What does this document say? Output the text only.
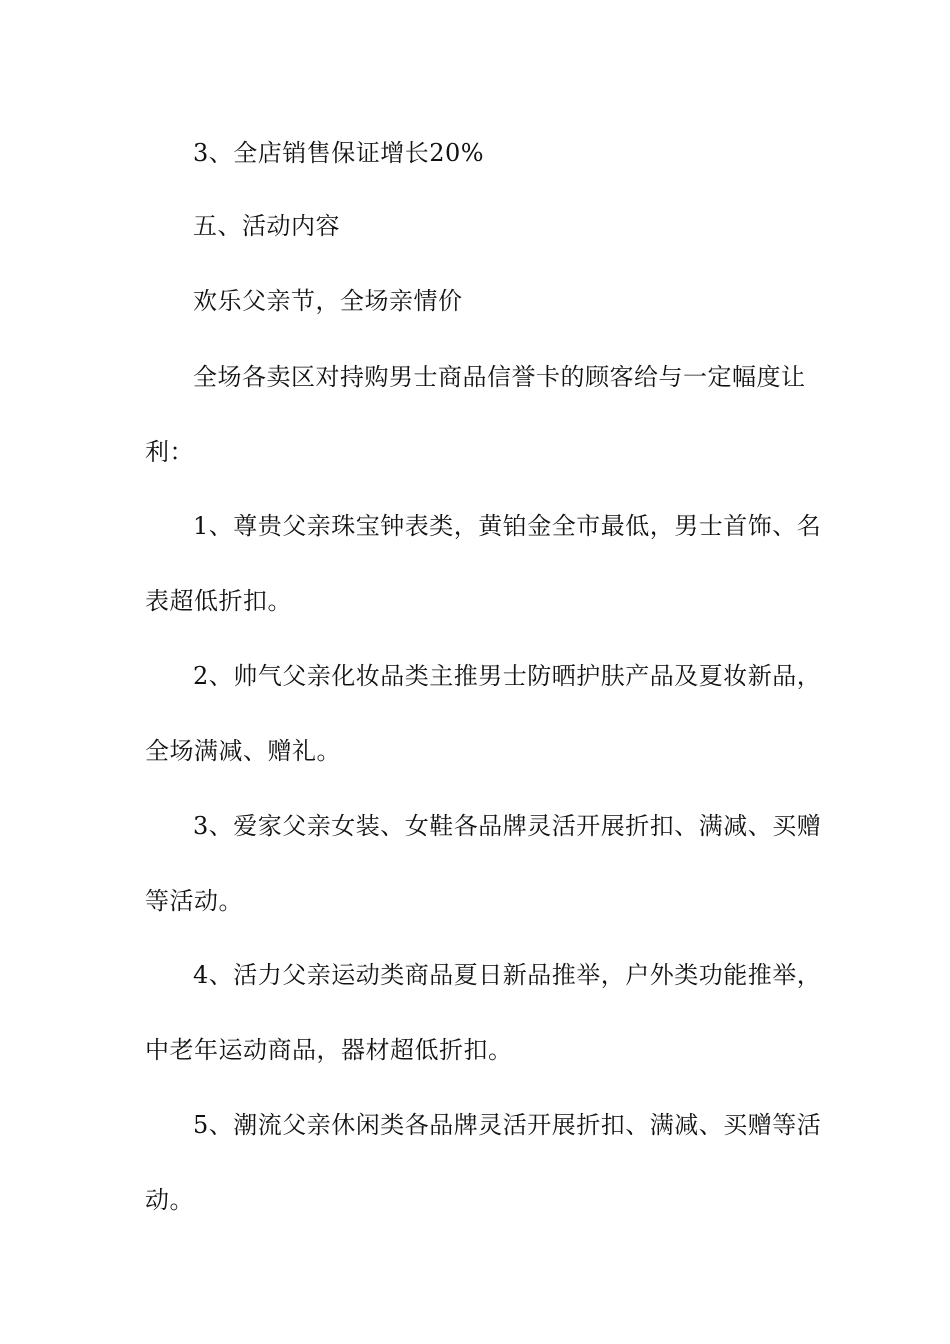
3、全店销售保证增长20%
五、活动内容
欢乐父亲节，全场亲情价
全场各卖区对持购男士商品信誉卡的顾客给与一定幅度让
利：
1、尊贵父亲珠宝钟表类，黄铂金全市最低，男士首饰、名
表超低折扣。
2、帅气父亲化妆品类主推男士防晒护肤产品及夏妆新品，
全场满减、赠礼。
3、爱家父亲女装、女鞋各品牌灵活开展折扣、满减、买赠
等活动。
4、活力父亲运动类商品夏日新品推举，户外类功能推举，
中老年运动商品，器材超低折扣。
5、潮流父亲休闲类各品牌灵活开展折扣、满减、买赠等活
动。
